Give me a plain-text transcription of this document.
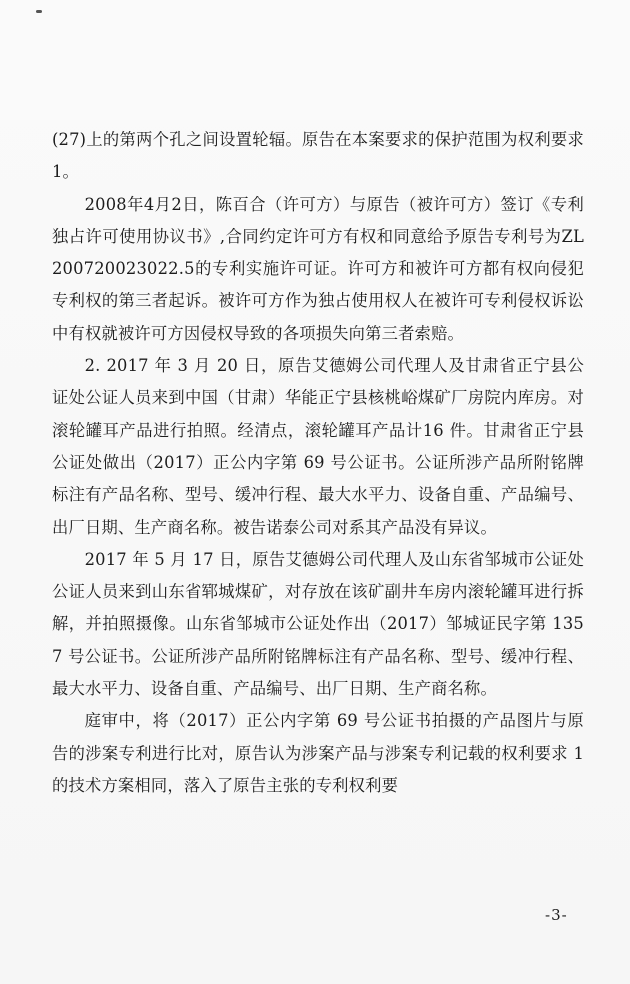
(27)上的第两个孔之间设置轮辐。原告在本案要求的保护范围为权利要求1。

2008年4月2日，陈百合（许可方）与原告（被许可方）签订《专利独占许可使用协议书》,合同约定许可方有权和同意给予原告专利号为ZL200720023022.5的专利实施许可证。许可方和被许可方都有权向侵犯专利权的第三者起诉。被许可方作为独占使用权人在被许可专利侵权诉讼中有权就被许可方因侵权导致的各项损失向第三者索赔。

2. 2017 年 3 月 20 日，原告艾德姆公司代理人及甘肃省正宁县公证处公证人员来到中国（甘肃）华能正宁县核桃峪煤矿厂房院内库房。对滚轮罐耳产品进行拍照。经清点，滚轮罐耳产品计16 件。甘肃省正宁县公证处做出（2017）正公内字第 69 号公证书。公证所涉产品所附铭牌标注有产品名称、型号、缓冲行程、最大水平力、设备自重、产品编号、出厂日期、生产商名称。被告诺泰公司对系其产品没有异议。

2017 年 5 月 17 日，原告艾德姆公司代理人及山东省邹城市公证处公证人员来到山东省郓城煤矿，对存放在该矿副井车房内滚轮罐耳进行拆解，并拍照摄像。山东省邹城市公证处作出（2017）邹城证民字第 1357 号公证书。公证所涉产品所附铭牌标注有产品名称、型号、缓冲行程、最大水平力、设备自重、产品编号、出厂日期、生产商名称。

庭审中，将（2017）正公内字第 69 号公证书拍摄的产品图片与原告的涉案专利进行比对，原告认为涉案产品与涉案专利记载的权利要求 1 的技术方案相同，落入了原告主张的专利权利要

-3-
